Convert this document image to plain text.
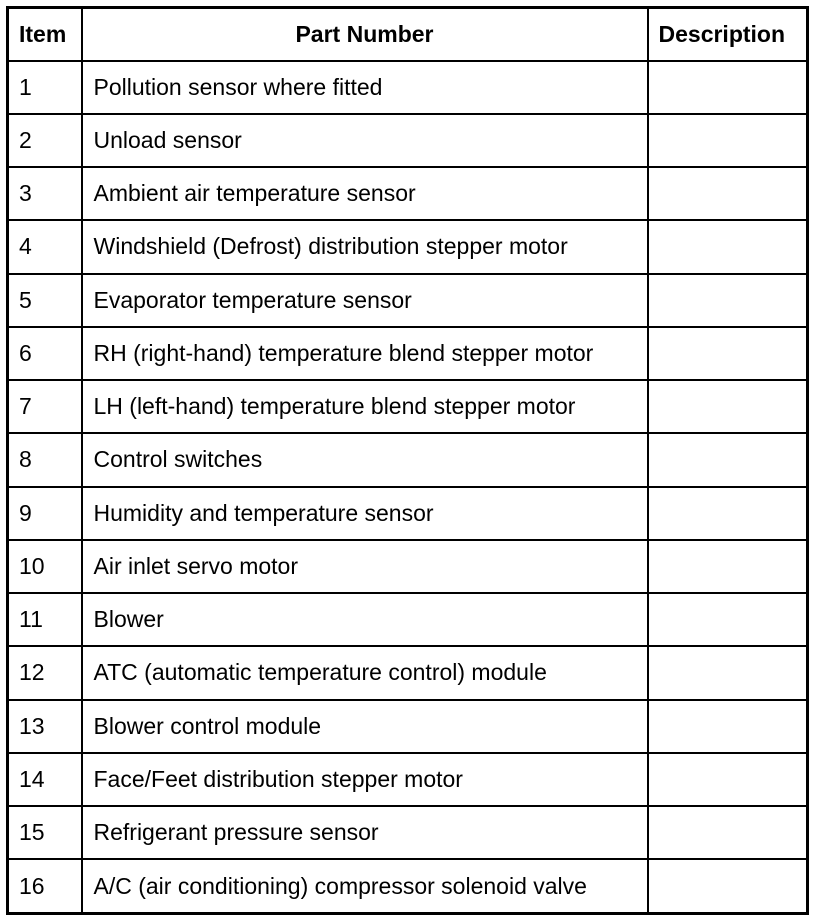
Item	Part Number	Description
1	Pollution sensor where fitted	
2	Unload sensor	
3	Ambient air temperature sensor	
4	Windshield (Defrost) distribution stepper motor	
5	Evaporator temperature sensor	
6	RH (right-hand) temperature blend stepper motor	
7	LH (left-hand) temperature blend stepper motor	
8	Control switches	
9	Humidity and temperature sensor	
10	Air inlet servo motor	
11	Blower	
12	ATC (automatic temperature control) module	
13	Blower control module	
14	Face/Feet distribution stepper motor	
15	Refrigerant pressure sensor	
16	A/C (air conditioning) compressor solenoid valve	
